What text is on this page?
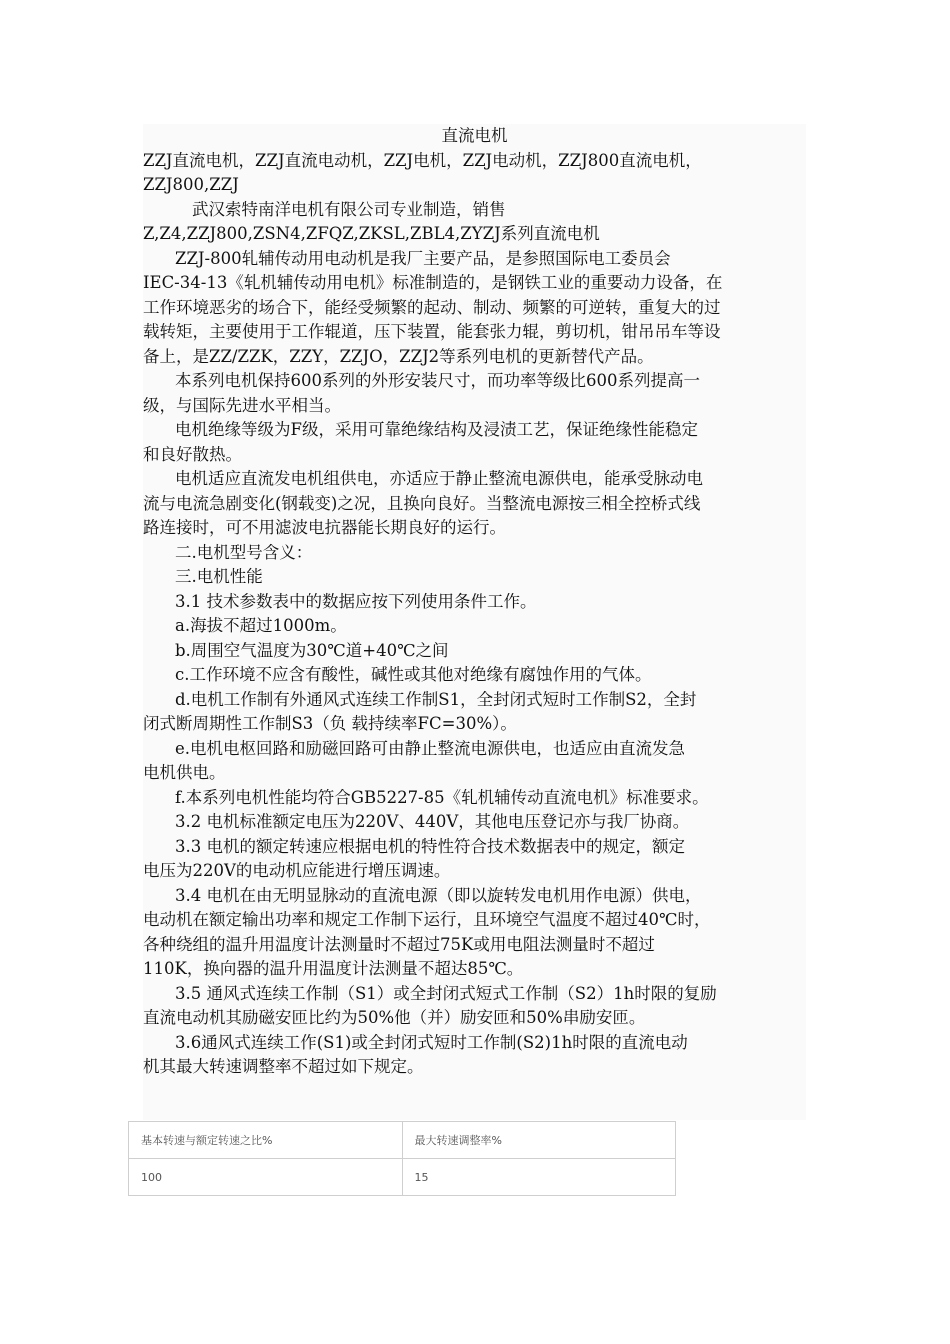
直流电机

ZZJ直流电机，ZZJ直流电动机，ZZJ电机，ZZJ电动机，ZZJ800直流电机，

ZZJ800,ZZJ

武汉索特南洋电机有限公司专业制造，销售

Z,Z4,ZZJ800,ZSN4,ZFQZ,ZKSL,ZBL4,ZYZJ系列直流电机

ZZJ-800轧辅传动用电动机是我厂主要产品，是参照国际电工委员会

IEC-34-13《轧机辅传动用电机》标准制造的，是钢铁工业的重要动力设备，在

工作环境恶劣的场合下，能经受频繁的起动、制动、频繁的可逆转，重复大的过

载转矩，主要使用于工作辊道，压下装置，能套张力辊，剪切机，钳吊吊车等设

备上，是ZZ/ZZK，ZZY，ZZJO，ZZJ2等系列电机的更新替代产品。

本系列电机保持600系列的外形安装尺寸，而功率等级比600系列提高一

级，与国际先进水平相当。

电机绝缘等级为F级，采用可靠绝缘结构及浸渍工艺，保证绝缘性能稳定

和良好散热。

电机适应直流发电机组供电，亦适应于静止整流电源供电，能承受脉动电

流与电流急剧变化(钢载变)之况，且换向良好。当整流电源按三相全控桥式线

路连接时，可不用滤波电抗器能长期良好的运行。

二.电机型号含义：

三.电机性能

3.1 技术参数表中的数据应按下列使用条件工作。

a.海拔不超过1000m。

b.周围空气温度为30℃道+40℃之间

c.工作环境不应含有酸性，碱性或其他对绝缘有腐蚀作用的气体。

d.电机工作制有外通风式连续工作制S1，全封闭式短时工作制S2，全封

闭式断周期性工作制S3（负 载持续率FC=30%）。

e.电机电枢回路和励磁回路可由静止整流电源供电，也适应由直流发急

电机供电。

f.本系列电机性能均符合GB5227-85《轧机辅传动直流电机》标准要求。

3.2 电机标准额定电压为220V、440V，其他电压登记亦与我厂协商。

3.3 电机的额定转速应根据电机的特性符合技术数据表中的规定，额定

电压为220V的电动机应能进行增压调速。

3.4 电机在由无明显脉动的直流电源（即以旋转发电机用作电源）供电，

电动机在额定输出功率和规定工作制下运行，且环境空气温度不超过40℃时，

各种绕组的温升用温度计法测量时不超过75K或用电阻法测量时不超过

110K，换向器的温升用温度计法测量不超达85℃。

3.5 通风式连续工作制（S1）或全封闭式短式工作制（S2）1h时限的复励

直流电动机其励磁安匝比约为50%他（并）励安匝和50%串励安匝。

3.6通风式连续工作(S1)或全封闭式短时工作制(S2)1h时限的直流电动

机其最大转速调整率不超过如下规定。

基本转速与额定转速之比%	最大转速调整率%
100	15
